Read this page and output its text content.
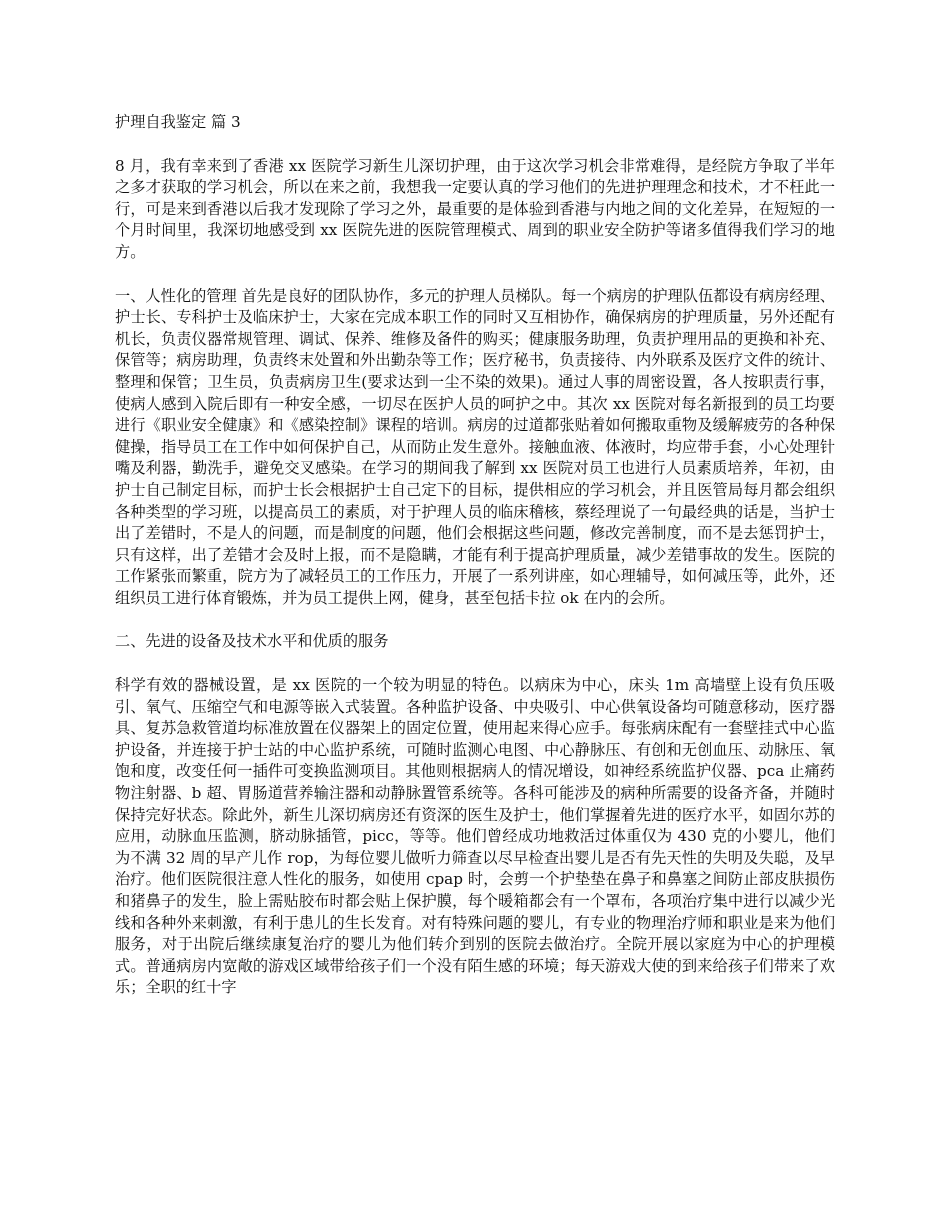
护理自我鉴定 篇 3

8 月，我有幸来到了香港 xx 医院学习新生儿深切护理，由于这次学习机会非常难得，是经院方争取了半年之多才获取的学习机会，所以在来之前，我想我一定要认真的学习他们的先进护理理念和技术，才不枉此一行，可是来到香港以后我才发现除了学习之外，最重要的是体验到香港与内地之间的文化差异，在短短的一个月时间里，我深切地感受到 xx 医院先进的医院管理模式、周到的职业安全防护等诸多值得我们学习的地方。

一、人性化的管理 首先是良好的团队协作，多元的护理人员梯队。每一个病房的护理队伍都设有病房经理、护士长、专科护士及临床护士，大家在完成本职工作的同时又互相协作，确保病房的护理质量，另外还配有机长，负责仪器常规管理、调试、保养、维修及备件的购买；健康服务助理，负责护理用品的更换和补充、保管等；病房助理，负责终末处置和外出勤杂等工作；医疗秘书，负责接待、内外联系及医疗文件的统计、整理和保管；卫生员，负责病房卫生(要求达到一尘不染的效果)。通过人事的周密设置，各人按职责行事，使病人感到入院后即有一种安全感，一切尽在医护人员的呵护之中。其次 xx 医院对每名新报到的员工均要进行《职业安全健康》和《感染控制》课程的培训。病房的过道都张贴着如何搬取重物及缓解疲劳的各种保健操，指导员工在工作中如何保护自己，从而防止发生意外。接触血液、体液时，均应带手套，小心处理针嘴及利器，勤洗手，避免交叉感染。在学习的期间我了解到 xx 医院对员工也进行人员素质培养，年初，由护士自己制定目标，而护士长会根据护士自己定下的目标，提供相应的学习机会，并且医管局每月都会组织各种类型的学习班，以提高员工的素质，对于护理人员的临床稽核，蔡经理说了一句最经典的话是，当护士出了差错时，不是人的问题，而是制度的问题，他们会根据这些问题，修改完善制度，而不是去惩罚护士，只有这样，出了差错才会及时上报，而不是隐瞒，才能有利于提高护理质量，减少差错事故的发生。医院的工作紧张而繁重，院方为了减轻员工的工作压力，开展了一系列讲座，如心理辅导，如何减压等，此外，还组织员工进行体育锻炼，并为员工提供上网，健身，甚至包括卡拉 ok 在内的会所。

二、先进的设备及技术水平和优质的服务

科学有效的器械设置，是 xx 医院的一个较为明显的特色。以病床为中心，床头 1m 高墙壁上设有负压吸引、氧气、压缩空气和电源等嵌入式装置。各种监护设备、中央吸引、中心供氧设备均可随意移动，医疗器具、复苏急救管道均标准放置在仪器架上的固定位置，使用起来得心应手。每张病床配有一套壁挂式中心监护设备，并连接于护士站的中心监护系统，可随时监测心电图、中心静脉压、有创和无创血压、动脉压、氧饱和度，改变任何一插件可变换监测项目。其他则根据病人的情况增设，如神经系统监护仪器、pca 止痛药物注射器、b 超、胃肠道营养输注器和动静脉置管系统等。各科可能涉及的病种所需要的设备齐备，并随时保持完好状态。除此外，新生儿深切病房还有资深的医生及护士，他们掌握着先进的医疗水平，如固尔苏的应用，动脉血压监测，脐动脉插管，picc，等等。他们曾经成功地救活过体重仅为 430 克的小婴儿，他们为不满 32 周的早产儿作 rop，为每位婴儿做听力筛查以尽早检查出婴儿是否有先天性的失明及失聪，及早治疗。他们医院很注意人性化的服务，如使用 cpap 时，会剪一个护垫垫在鼻子和鼻塞之间防止部皮肤损伤和猪鼻子的发生，脸上需贴胶布时都会贴上保护膜，每个暖箱都会有一个罩布，各项治疗集中进行以减少光线和各种外来刺激，有利于患儿的生长发育。对有特殊问题的婴儿，有专业的物理治疗师和职业是来为他们服务，对于出院后继续康复治疗的婴儿为他们转介到别的医院去做治疗。全院开展以家庭为中心的护理模式。普通病房内宽敞的游戏区域带给孩子们一个没有陌生感的环境；每天游戏大使的到来给孩子们带来了欢乐；全职的红十字
